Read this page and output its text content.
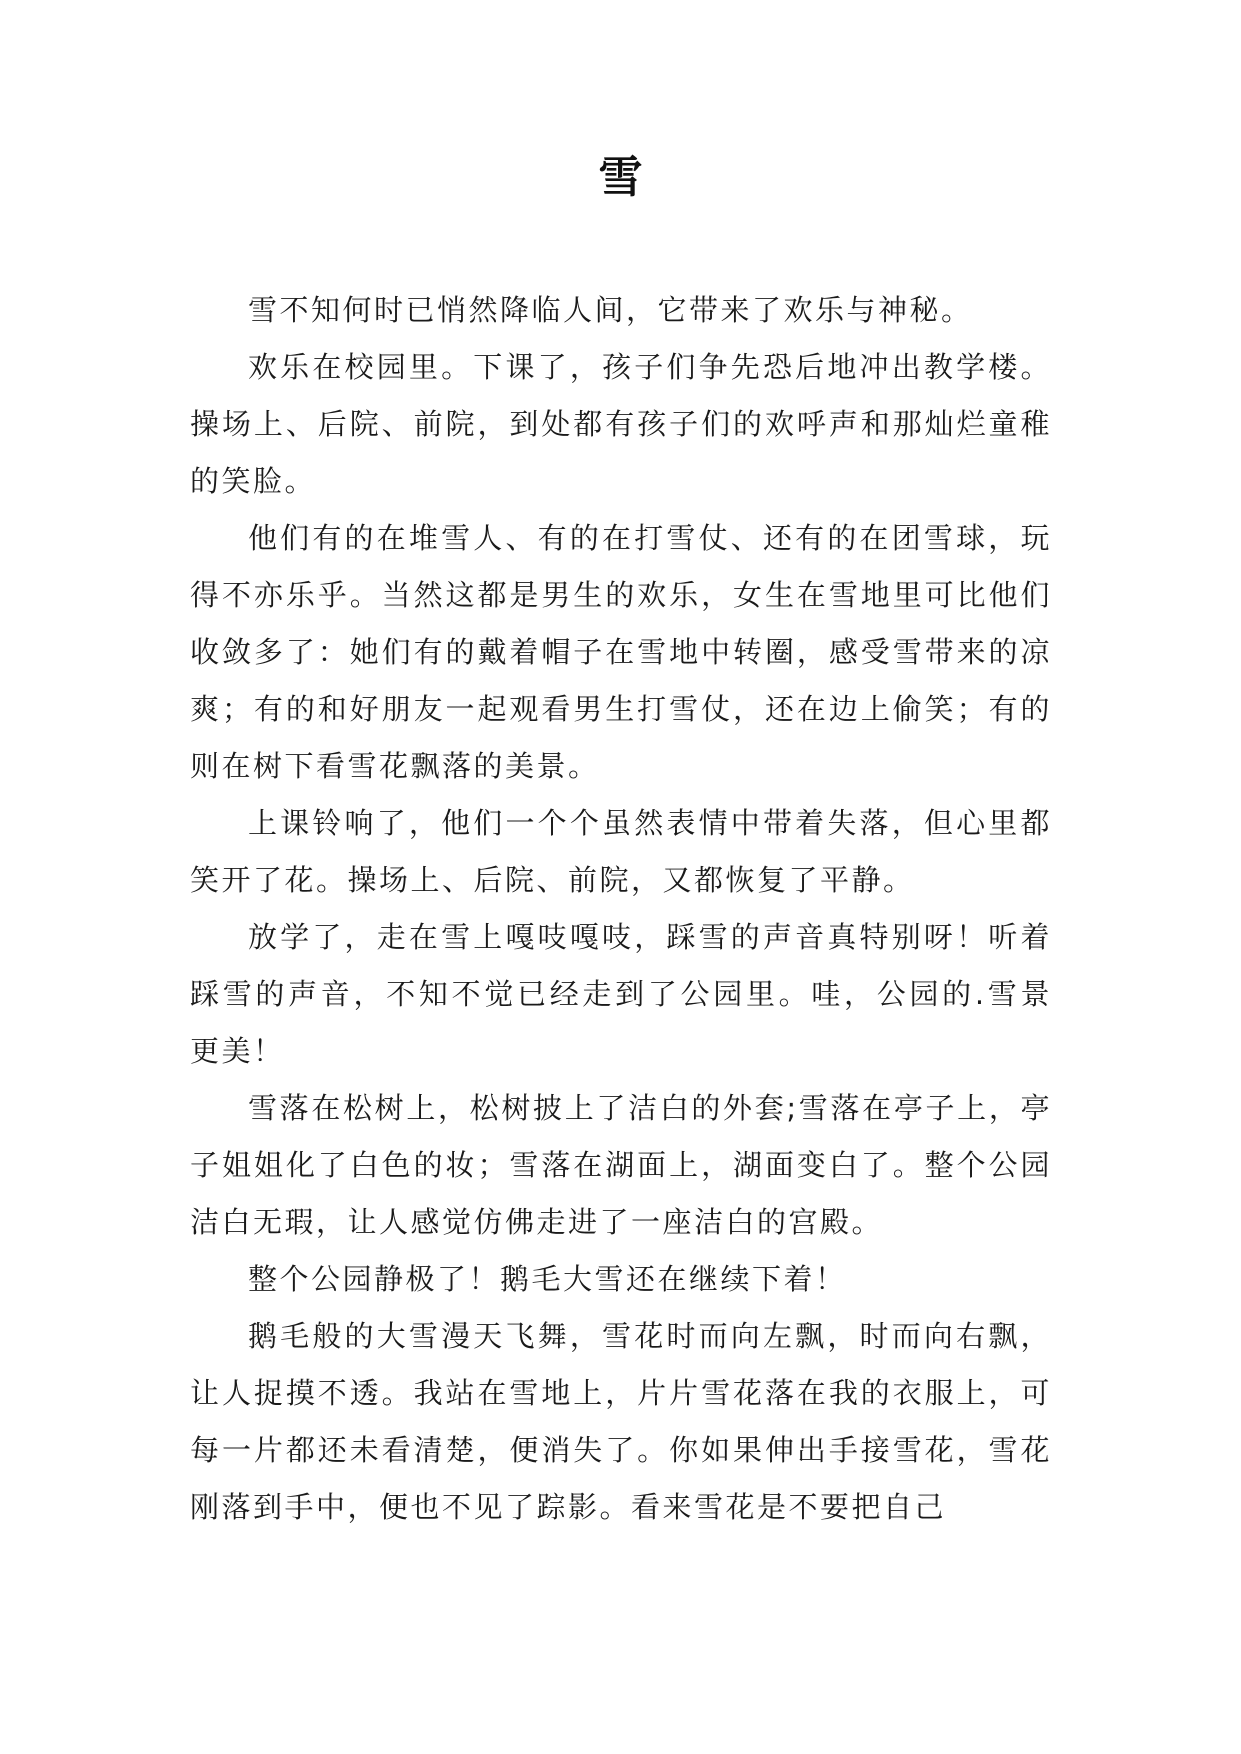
雪

雪不知何时已悄然降临人间，它带来了欢乐与神秘。

欢乐在校园里。下课了，孩子们争先恐后地冲出教学楼。操场上、后院、前院，到处都有孩子们的欢呼声和那灿烂童稚的笑脸。

他们有的在堆雪人、有的在打雪仗、还有的在团雪球，玩得不亦乐乎。当然这都是男生的欢乐，女生在雪地里可比他们收敛多了：她们有的戴着帽子在雪地中转圈，感受雪带来的凉爽；有的和好朋友一起观看男生打雪仗，还在边上偷笑；有的则在树下看雪花飘落的美景。

上课铃响了，他们一个个虽然表情中带着失落，但心里都笑开了花。操场上、后院、前院，又都恢复了平静。

放学了，走在雪上嘎吱嘎吱，踩雪的声音真特别呀！听着踩雪的声音，不知不觉已经走到了公园里。哇，公园的.雪景更美！

雪落在松树上，松树披上了洁白的外套;雪落在亭子上，亭子姐姐化了白色的妆；雪落在湖面上，湖面变白了。整个公园洁白无瑕，让人感觉仿佛走进了一座洁白的宫殿。

整个公园静极了！鹅毛大雪还在继续下着！

鹅毛般的大雪漫天飞舞，雪花时而向左飘，时而向右飘，让人捉摸不透。我站在雪地上，片片雪花落在我的衣服上，可每一片都还未看清楚，便消失了。你如果伸出手接雪花，雪花刚落到手中，便也不见了踪影。看来雪花是不要把自己
